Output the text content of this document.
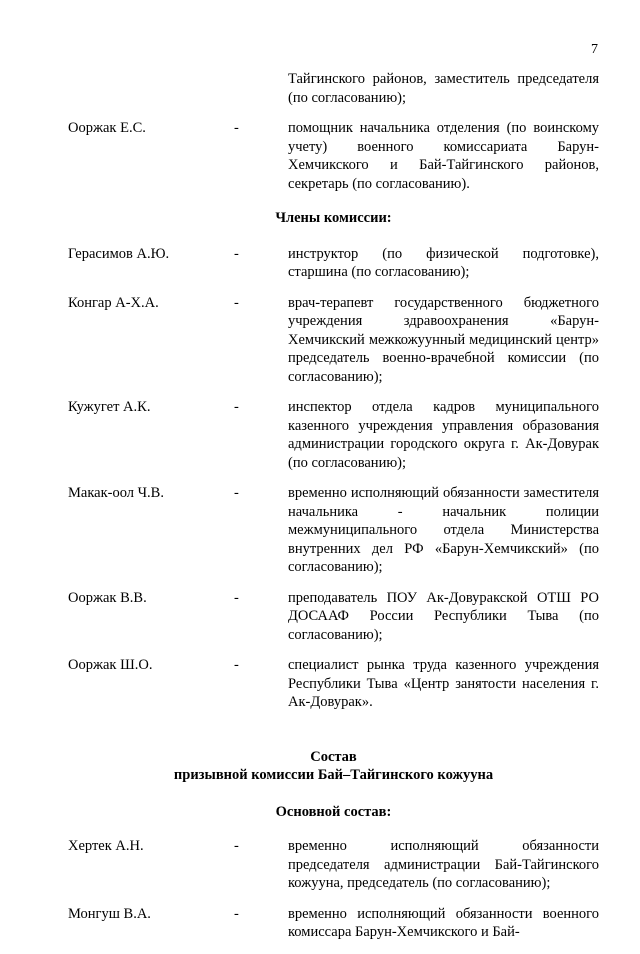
7
Тайгинского районов, заместитель председателя (по согласованию);
Ооржак Е.С.	-	помощник начальника отделения (по воинскому учету) военного комиссариата Барун-Хемчикского и Бай-Тайгинского районов, секретарь (по согласованию).
Члены комиссии:
Герасимов А.Ю.	-	инструктор (по физической подготовке), старшина (по согласованию);
Конгар А-Х.А.	-	врач-терапевт государственного бюджетного учреждения здравоохранения «Барун-Хемчикский межкожуунный медицинский центр» председатель военно-врачебной комиссии (по согласованию);
Кужугет А.К.	-	инспектор отдела кадров муниципального казенного учреждения управления образования администрации городского округа г. Ак-Довурак (по согласованию);
Макак-оол Ч.В.	-	временно исполняющий обязанности заместителя начальника - начальник полиции межмуниципального отдела Министерства внутренних дел РФ «Барун-Хемчикский» (по согласованию);
Ооржак В.В.	-	преподаватель ПОУ Ак-Довуракской ОТШ РО ДОСААФ России Республики Тыва (по согласованию);
Ооржак Ш.О.	-	специалист рынка труда казенного учреждения Республики Тыва «Центр занятости населения г. Ак-Довурак».
Состав
призывной комиссии Бай–Тайгинского кожууна
Основной состав:
Хертек А.Н.	-	временно исполняющий обязанности председателя администрации Бай-Тайгинского кожууна, председатель (по согласованию);
Монгуш В.А.	-	временно исполняющий обязанности военного комиссара Барун-Хемчикского и Бай-
